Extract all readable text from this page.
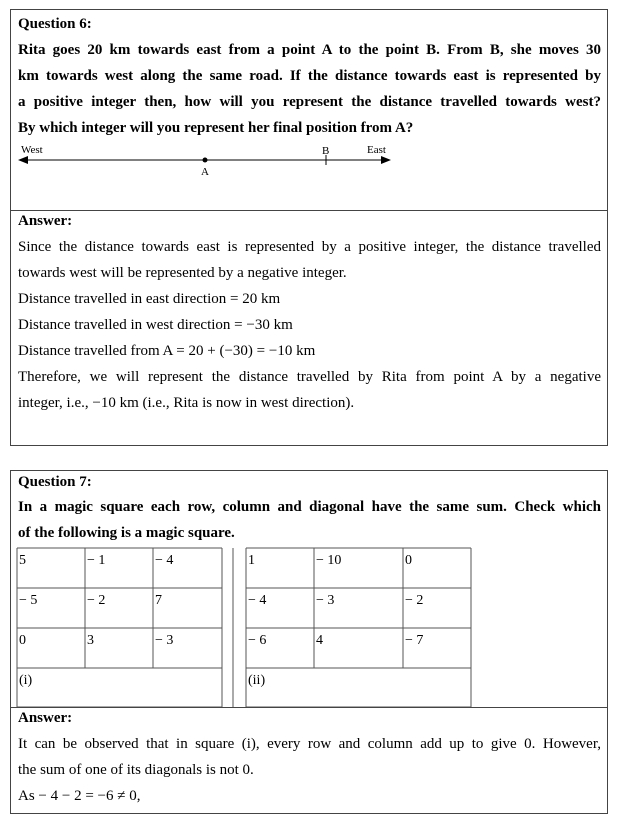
Question 6:
Rita goes 20 km towards east from a point A to the point B. From B, she moves 30
km towards west along the same road. If the distance towards east is represented by
a positive integer then, how will you represent the distance travelled towards west?
By which integer will you represent her final position from A?
West	East
A
B
Answer:
Since the distance towards east is represented by a positive integer, the distance travelled
towards west will be represented by a negative integer.
Distance travelled in east direction = 20 km
Distance travelled in west direction = −30 km
Distance travelled from A = 20 + (−30) = −10 km
Therefore, we will represent the distance travelled by Rita from point A by a negative
integer, i.e., −10 km (i.e., Rita is now in west direction).
Question 7:
In a magic square each row, column and diagonal have the same sum. Check which
of the following is a magic square.
5	− 1	− 4
− 5	− 2	7
0	3	− 3
(i)
1	− 10	0
− 4	− 3	− 2
− 6	4	− 7
(ii)
Answer:
It can be observed that in square (i), every row and column add up to give 0. However,
the sum of one of its diagonals is not 0.
As − 4 − 2 = −6 ≠ 0,
